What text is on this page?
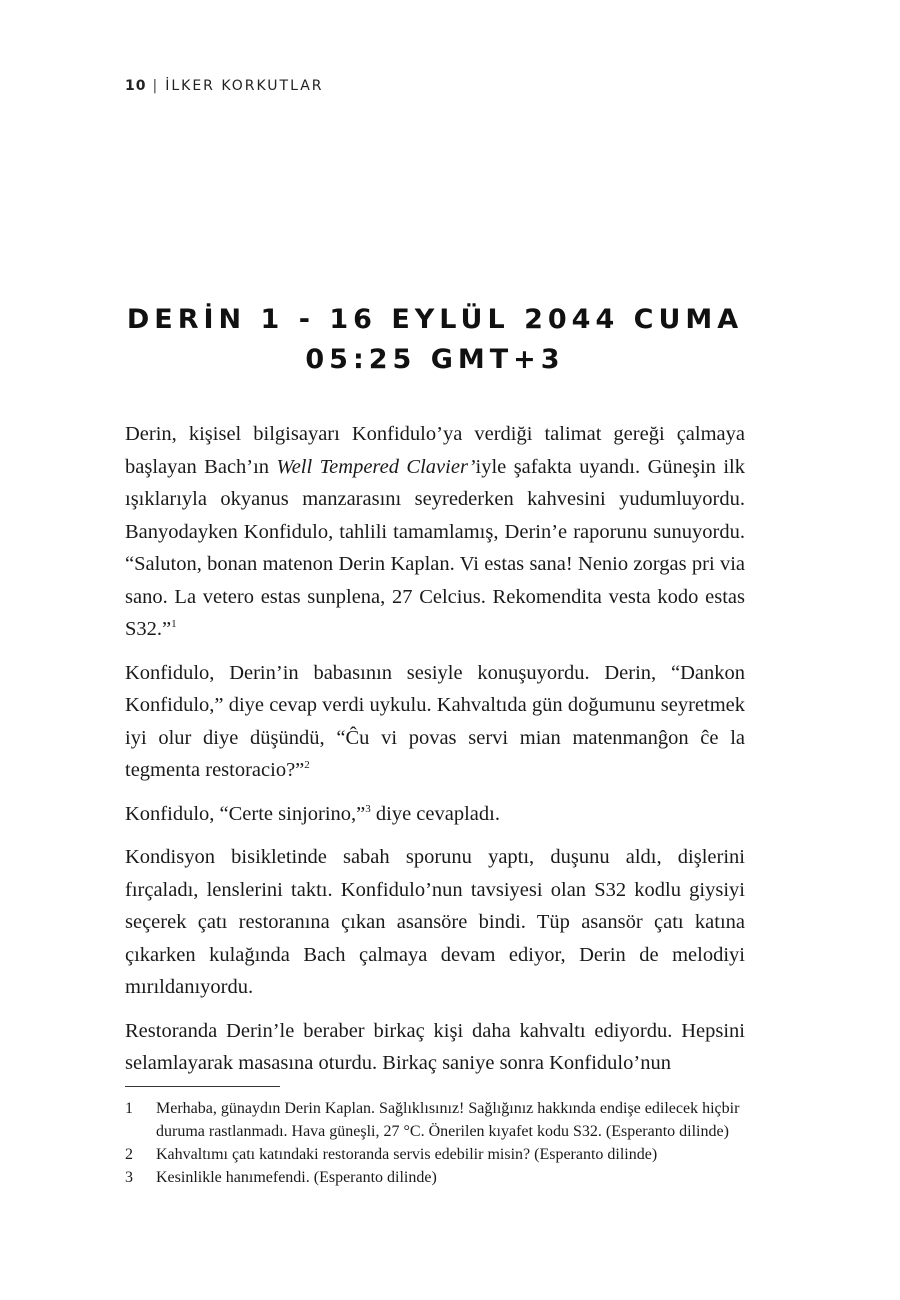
10 | İLKER KORKUTLAR
DERİN 1 - 16 EYLÜL 2044 CUMA
05:25 GMT+3

Derin, kişisel bilgisayarı Konfidulo’ya verdiği talimat gereği çalmaya başlayan Bach’ın Well Tempered Clavier’iyle şafakta uyandı. Güneşin ilk ışıklarıyla okyanus manzarasını seyrederken kahvesini yudumluyordu. Banyodayken Konfidulo, tahlili tamamlamış, Derin’e raporunu sunuyordu. “Saluton, bonan matenon Derin Kaplan. Vi estas sana! Nenio zorgas pri via sano. La vetero estas sunplena, 27 Celcius. Rekomendita vesta kodo estas S32.”$^1$

Konfidulo, Derin’in babasının sesiyle konuşuyordu. Derin, “Dankon Konfidulo,” diye cevap verdi uykulu. Kahvaltıda gün doğumunu seyretmek iyi olur diye düşündü, “Ĉu vi povas servi mian matenmanĝon ĉe la tegmenta restoracio?”$^2$

Konfidulo, “Certe sinjorino,”$^3$ diye cevapladı.

Kondisyon bisikletinde sabah sporunu yaptı, duşunu aldı, dişlerini fırçaladı, lenslerini taktı. Konfidulo’nun tavsiyesi olan S32 kodlu giysiyi seçerek çatı restoranına çıkan asansöre bindi. Tüp asansör çatı katına çıkarken kulağında Bach çalmaya devam ediyor, Derin de melodiyi mırıldanıyordu.

Restoranda Derin’le beraber birkaç kişi daha kahvaltı ediyordu. Hepsini selamlayarak masasına oturdu. Birkaç saniye sonra Konfidulo’nun

1	Merhaba, günaydın Derin Kaplan. Sağlıklısınız! Sağlığınız hakkında endişe edilecek hiçbir duruma rastlanmadı. Hava güneşli, 27 °C. Önerilen kıyafet kodu S32. (Esperanto dilinde)
2	Kahvaltımı çatı katındaki restoranda servis edebilir misin? (Esperanto dilinde)
3	Kesinlikle hanımefendi. (Esperanto dilinde)
